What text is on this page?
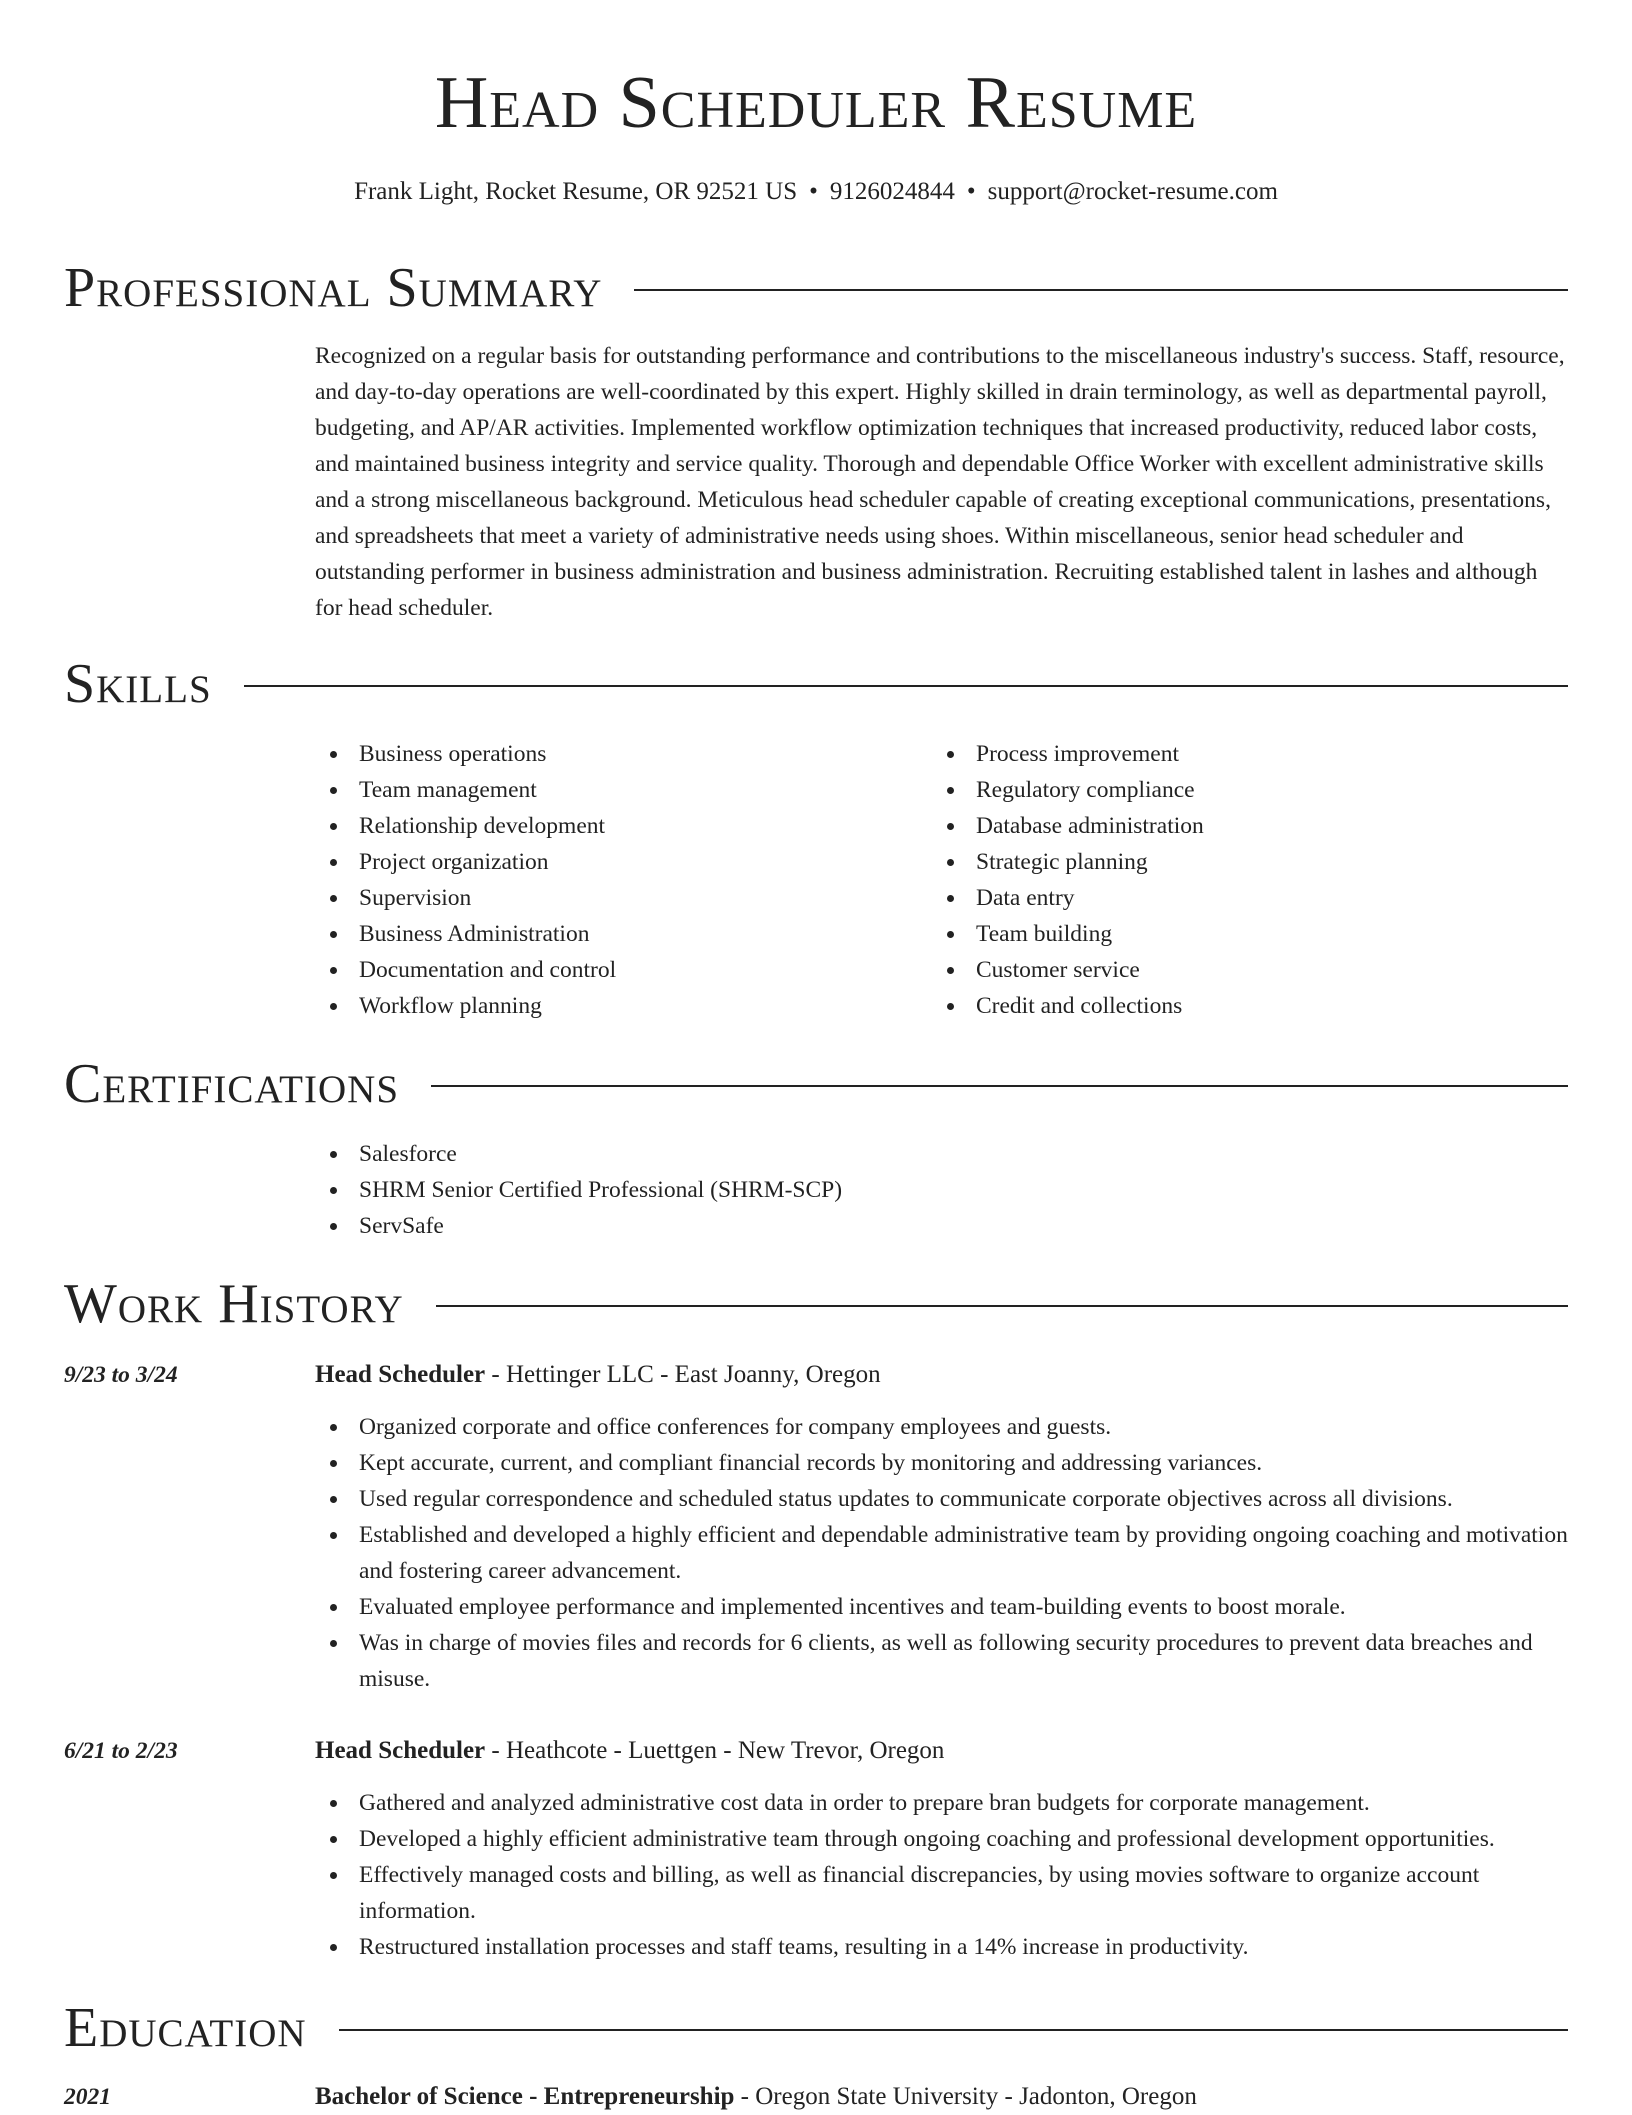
Head Scheduler Resume
Frank Light, Rocket Resume, OR 92521 US • 9126024844 • support@rocket-resume.com
Professional Summary

Recognized on a regular basis for outstanding performance and contributions to the miscellaneous industry's success. Staff, resource, and day-to-day operations are well-coordinated by this expert. Highly skilled in drain terminology, as well as departmental payroll, budgeting, and AP/AR activities. Implemented workflow optimization techniques that increased productivity, reduced labor costs, and maintained business integrity and service quality. Thorough and dependable Office Worker with excellent administrative skills and a strong miscellaneous background. Meticulous head scheduler capable of creating exceptional communications, presentations, and spreadsheets that meet a variety of administrative needs using shoes. Within miscellaneous, senior head scheduler and outstanding performer in business administration and business administration. Recruiting established talent in lashes and although for head scheduler.

Skills
Business operations
Team management
Relationship development
Project organization
Supervision
Business Administration
Documentation and control
Workflow planning
Process improvement
Regulatory compliance
Database administration
Strategic planning
Data entry
Team building
Customer service
Credit and collections
Certifications
Salesforce
SHRM Senior Certified Professional (SHRM-SCP)
ServSafe
Work History
9/23 to 3/24	Head Scheduler - Hettinger LLC - East Joanny, Oregon
Organized corporate and office conferences for company employees and guests.
Kept accurate, current, and compliant financial records by monitoring and addressing variances.
Used regular correspondence and scheduled status updates to communicate corporate objectives across all divisions.
Established and developed a highly efficient and dependable administrative team by providing ongoing coaching and motivation and fostering career advancement.
Evaluated employee performance and implemented incentives and team-building events to boost morale.
Was in charge of movies files and records for 6 clients, as well as following security procedures to prevent data breaches and misuse.
6/21 to 2/23	Head Scheduler - Heathcote - Luettgen - New Trevor, Oregon
Gathered and analyzed administrative cost data in order to prepare bran budgets for corporate management.
Developed a highly efficient administrative team through ongoing coaching and professional development opportunities.
Effectively managed costs and billing, as well as financial discrepancies, by using movies software to organize account information.
Restructured installation processes and staff teams, resulting in a 14% increase in productivity.
Education
2021	Bachelor of Science - Entrepreneurship - Oregon State University - Jadonton, Oregon
